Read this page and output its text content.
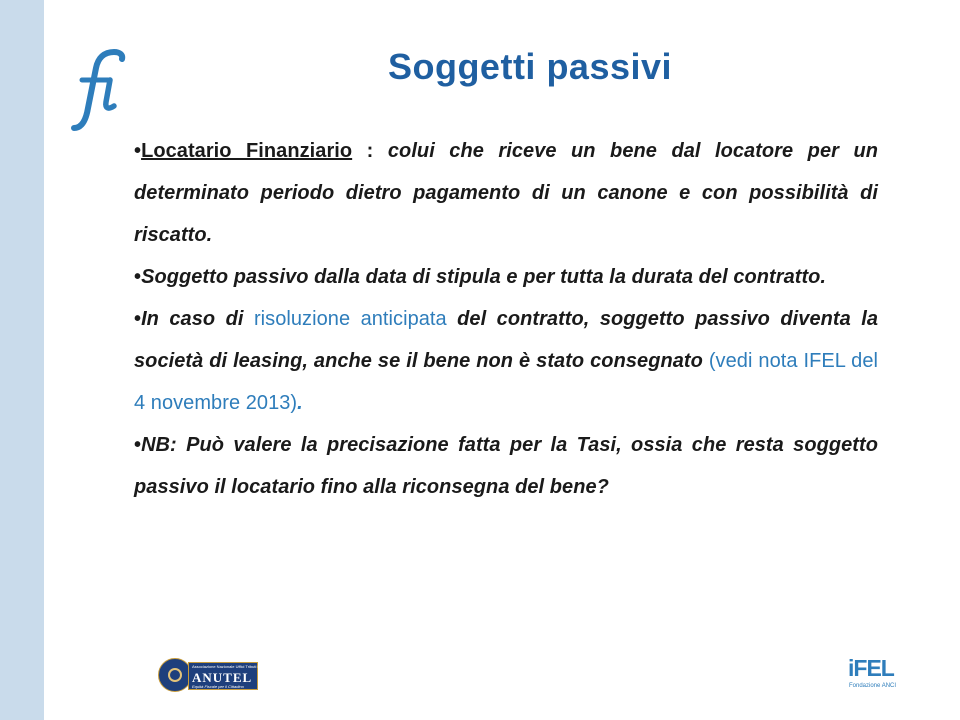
Soggetti passivi

•Locatario Finanziario : colui che riceve un bene dal locatore per un determinato periodo dietro pagamento di un canone e con possibilità di riscatto.

•Soggetto passivo dalla data di stipula e per tutta la durata del contratto.

•In caso di risoluzione anticipata del contratto, soggetto passivo diventa la società di leasing, anche se il bene non è stato consegnato (vedi nota IFEL del 4 novembre 2013).

•NB: Può valere la precisazione fatta per la Tasi, ossia che resta soggetto passivo il locatario fino alla riconsegna del bene?

Associazione Nazionale Uffici Tributi Enti Locali
ANUTEL
Equità Fiscale per il Cittadino
iFEL
Fondazione ANCI
